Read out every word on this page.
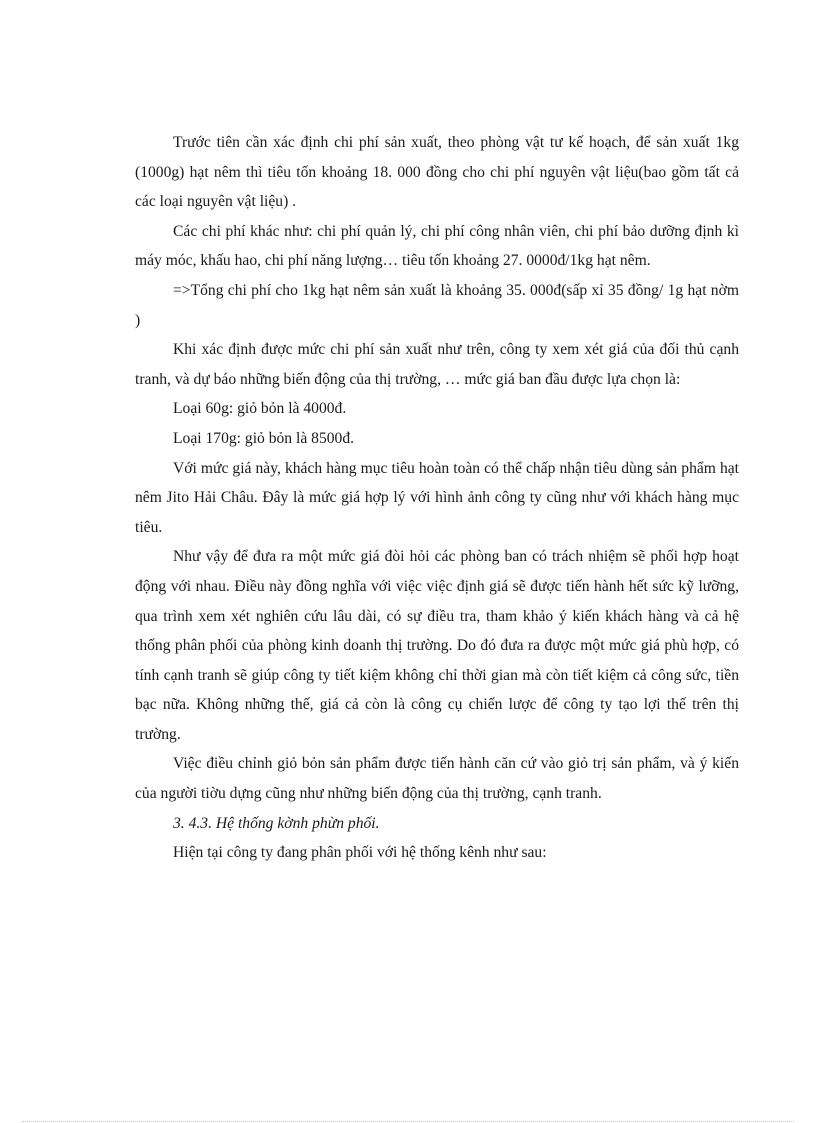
Trước tiên cần xác định chi phí sản xuất, theo phòng vật tư kế hoạch, để sản xuất 1kg (1000g) hạt nêm thì tiêu tốn khoảng 18. 000 đồng cho chi phí nguyên vật liệu(bao gồm tất cả các loại nguyên vật liệu) .

Các chi phí khác như: chi phí quản lý, chi phí công nhân viên, chi phí bảo dưỡng định kì máy móc, khấu hao, chi phí năng lượng… tiêu tốn khoảng 27. 0000đ/1kg hạt nêm.

=>Tổng chi phí cho 1kg hạt nêm sản xuất là khoảng 35. 000đ(sấp xỉ 35 đồng/ 1g hạt nờm )

Khi xác định được mức chi phí sản xuất như trên, công ty xem xét giá của đối thủ cạnh tranh, và dự báo những biến động của thị trường, … mức giá ban đầu được lựa chọn là:

Loại 60g: giỏ bỏn là 4000đ.

Loại 170g: giỏ bỏn là 8500đ.

Với mức giá này, khách hàng mục tiêu hoàn toàn có thể chấp nhận tiêu dùng sản phẩm hạt nêm Jito Hải Châu. Đây là mức giá hợp lý với hình ảnh công ty cũng như với khách hàng mục tiêu.

Như vậy để đưa ra một mức giá đòi hỏi các phòng ban có trách nhiệm sẽ phối hợp hoạt động với nhau. Điều này đồng nghĩa với việc việc định giá sẽ được tiến hành hết sức kỹ lưỡng, qua trình xem xét nghiên cứu lâu dài, có sự điều tra, tham khảo ý kiến khách hàng và cả hệ thống phân phối của phòng kinh doanh thị trường. Do đó đưa ra được một mức giá phù hợp, có tính cạnh tranh sẽ giúp công ty tiết kiệm không chỉ thời gian mà còn tiết kiệm cả công sức, tiền bạc nữa. Không những thế, giá cả còn là công cụ chiến lược để công ty tạo lợi thế trên thị trường.

Việc điều chỉnh giỏ bỏn sản phẩm được tiến hành căn cứ vào giỏ trị sản phẩm, và ý kiến của người tiờu dựng cũng như những biến động của thị trường, cạnh tranh.

3. 4.3. Hệ thống kờnh phừn phối.

Hiện tại công ty đang phân phối với hệ thống kênh như sau:
